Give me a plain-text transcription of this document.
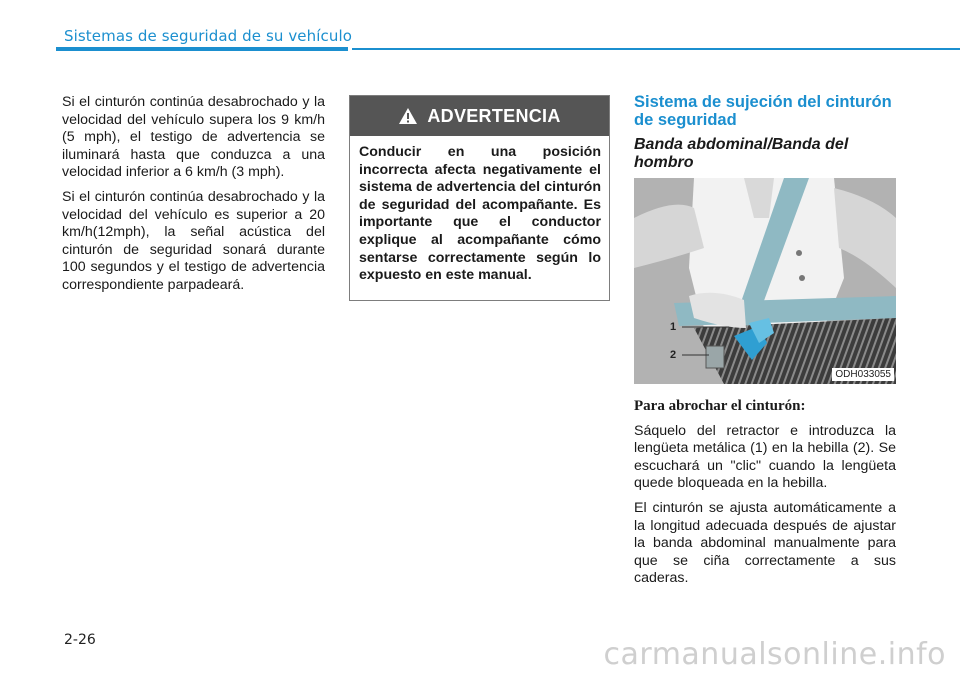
Sistemas de seguridad de su vehículo

Si el cinturón continúa desabrochado y la velocidad del vehículo supera los 9 km/h (5 mph), el testigo de advertencia se iluminará hasta que conduzca a una velocidad inferior a 6 km/h (3 mph).

Si el cinturón continúa desabrochado y la velocidad del vehículo es superior a 20 km/h(12mph), la señal acústica del cinturón de seguridad sonará durante 100 segundos y el testigo de advertencia correspondiente parpadeará.

ADVERTENCIA
Conducir en una posición incorrecta afecta negativamente el sistema de advertencia del cinturón de seguridad del acompañante. Es importante que el conductor explique al acompañante cómo sentarse correctamente según lo expuesto en este manual.

Sistema de sujeción del cinturón de seguridad

Banda abdominal/Banda del hombro

1
2
ODH033055

Para abrochar el cinturón:

Sáquelo del retractor e introduzca la lengüeta metálica (1) en la hebilla (2). Se escuchará un "clic" cuando la lengüeta quede bloqueada en la hebilla.

El cinturón se ajusta automáticamente a la longitud adecuada después de ajustar la banda abdominal manualmente para que se ciña correctamente a sus caderas.

2-26	carmanualsonline.info
